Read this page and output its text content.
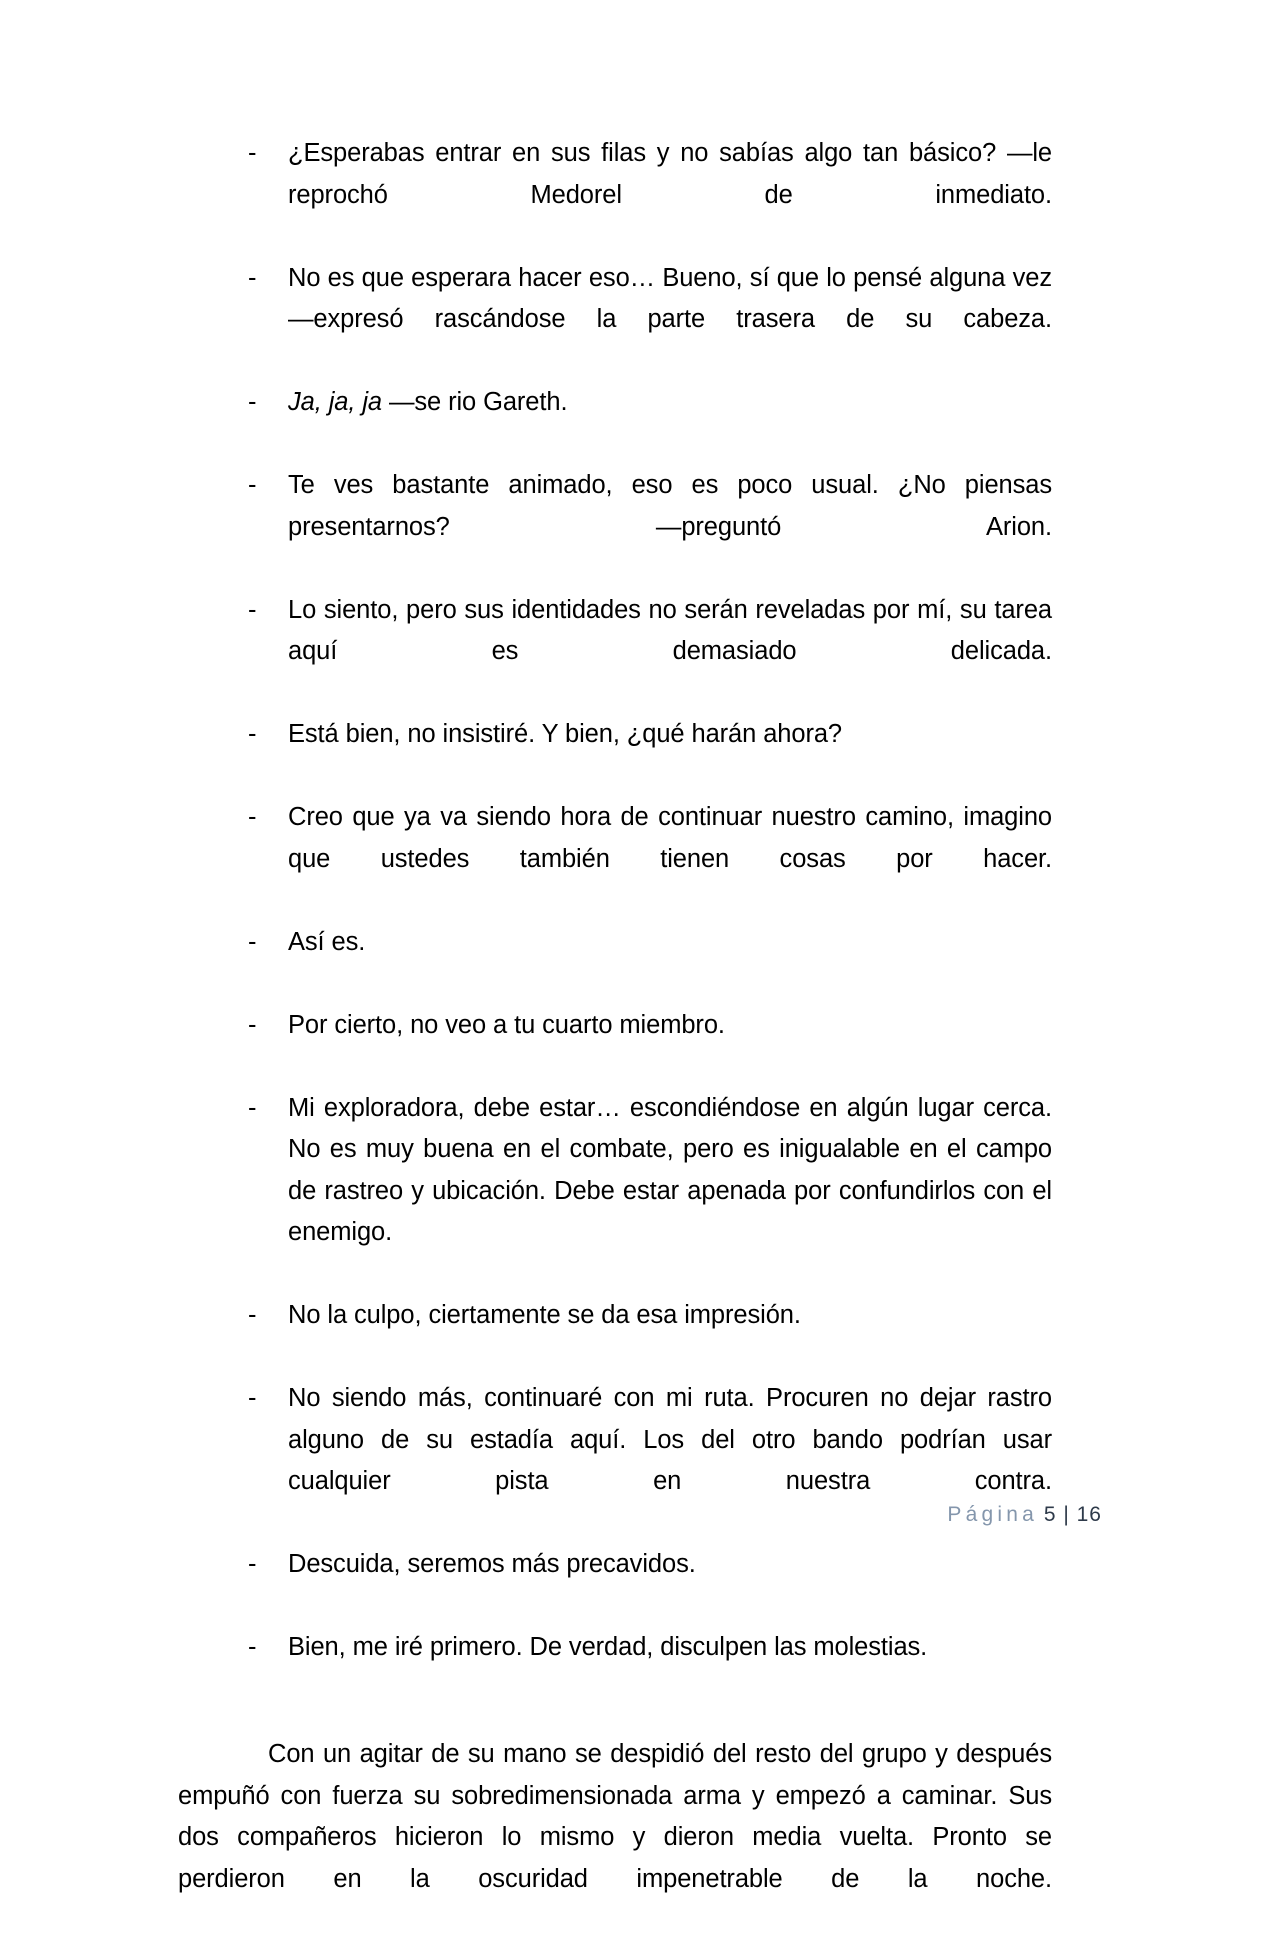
- ¿Esperabas entrar en sus filas y no sabías algo tan básico? —le reprochó Medorel de inmediato.
- No es que esperara hacer eso… Bueno, sí que lo pensé alguna vez —expresó rascándose la parte trasera de su cabeza.
- Ja, ja, ja —se rio Gareth.
- Te ves bastante animado, eso es poco usual. ¿No piensas presentarnos? —preguntó Arion.
- Lo siento, pero sus identidades no serán reveladas por mí, su tarea aquí es demasiado delicada.
- Está bien, no insistiré. Y bien, ¿qué harán ahora?
- Creo que ya va siendo hora de continuar nuestro camino, imagino que ustedes también tienen cosas por hacer.
- Así es.
- Por cierto, no veo a tu cuarto miembro.
- Mi exploradora, debe estar… escondiéndose en algún lugar cerca. No es muy buena en el combate, pero es inigualable en el campo de rastreo y ubicación. Debe estar apenada por confundirlos con el enemigo.
- No la culpo, ciertamente se da esa impresión.
- No siendo más, continuaré con mi ruta. Procuren no dejar rastro alguno de su estadía aquí. Los del otro bando podrían usar cualquier pista en nuestra contra.
- Descuida, seremos más precavidos.
- Bien, me iré primero. De verdad, disculpen las molestias.

Con un agitar de su mano se despidió del resto del grupo y después empuñó con fuerza su sobredimensionada arma y empezó a caminar. Sus dos compañeros hicieron lo mismo y dieron media vuelta. Pronto se perdieron en la oscuridad impenetrable de la noche.

Página 5 | 16
